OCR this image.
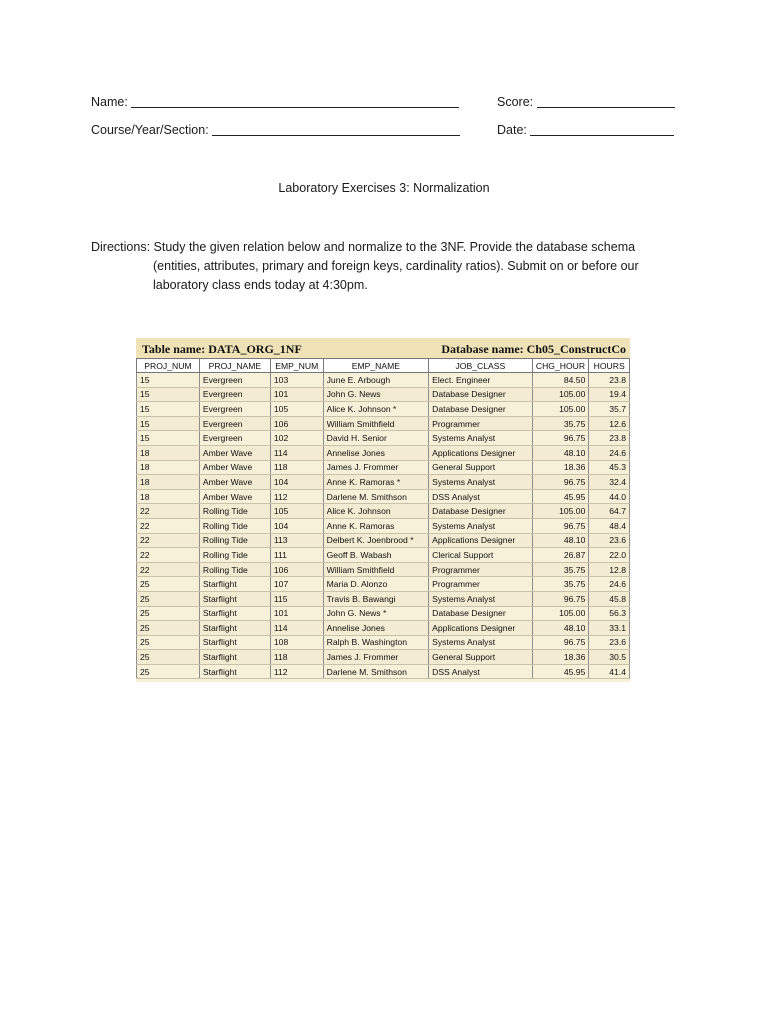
Name:	Score:
Course/Year/Section:	Date:
Laboratory Exercises 3: Normalization
Directions: Study the given relation below and normalize to the 3NF. Provide the database schema
(entities, attributes, primary and foreign keys, cardinality ratios). Submit on or before our
laboratory class ends today at 4:30pm.
Table name: DATA_ORG_1NF	Database name: Ch05_ConstructCo
PROJ_NUM	PROJ_NAME	EMP_NUM	EMP_NAME	JOB_CLASS	CHG_HOUR	HOURS
15	Evergreen	103	June E. Arbough	Elect. Engineer	84.50	23.8
15	Evergreen	101	John G. News	Database Designer	105.00	19.4
15	Evergreen	105	Alice K. Johnson *	Database Designer	105.00	35.7
15	Evergreen	106	William Smithfield	Programmer	35.75	12.6
15	Evergreen	102	David H. Senior	Systems Analyst	96.75	23.8
18	Amber Wave	114	Annelise Jones	Applications Designer	48.10	24.6
18	Amber Wave	118	James J. Frommer	General Support	18.36	45.3
18	Amber Wave	104	Anne K. Ramoras *	Systems Analyst	96.75	32.4
18	Amber Wave	112	Darlene M. Smithson	DSS Analyst	45.95	44.0
22	Rolling Tide	105	Alice K. Johnson	Database Designer	105.00	64.7
22	Rolling Tide	104	Anne K. Ramoras	Systems Analyst	96.75	48.4
22	Rolling Tide	113	Delbert K. Joenbrood *	Applications Designer	48.10	23.6
22	Rolling Tide	111	Geoff B. Wabash	Clerical Support	26.87	22.0
22	Rolling Tide	106	William Smithfield	Programmer	35.75	12.8
25	Starflight	107	Maria D. Alonzo	Programmer	35.75	24.6
25	Starflight	115	Travis B. Bawangi	Systems Analyst	96.75	45.8
25	Starflight	101	John G. News *	Database Designer	105.00	56.3
25	Starflight	114	Annelise Jones	Applications Designer	48.10	33.1
25	Starflight	108	Ralph B. Washington	Systems Analyst	96.75	23.6
25	Starflight	118	James J. Frommer	General Support	18.36	30.5
25	Starflight	112	Darlene M. Smithson	DSS Analyst	45.95	41.4
